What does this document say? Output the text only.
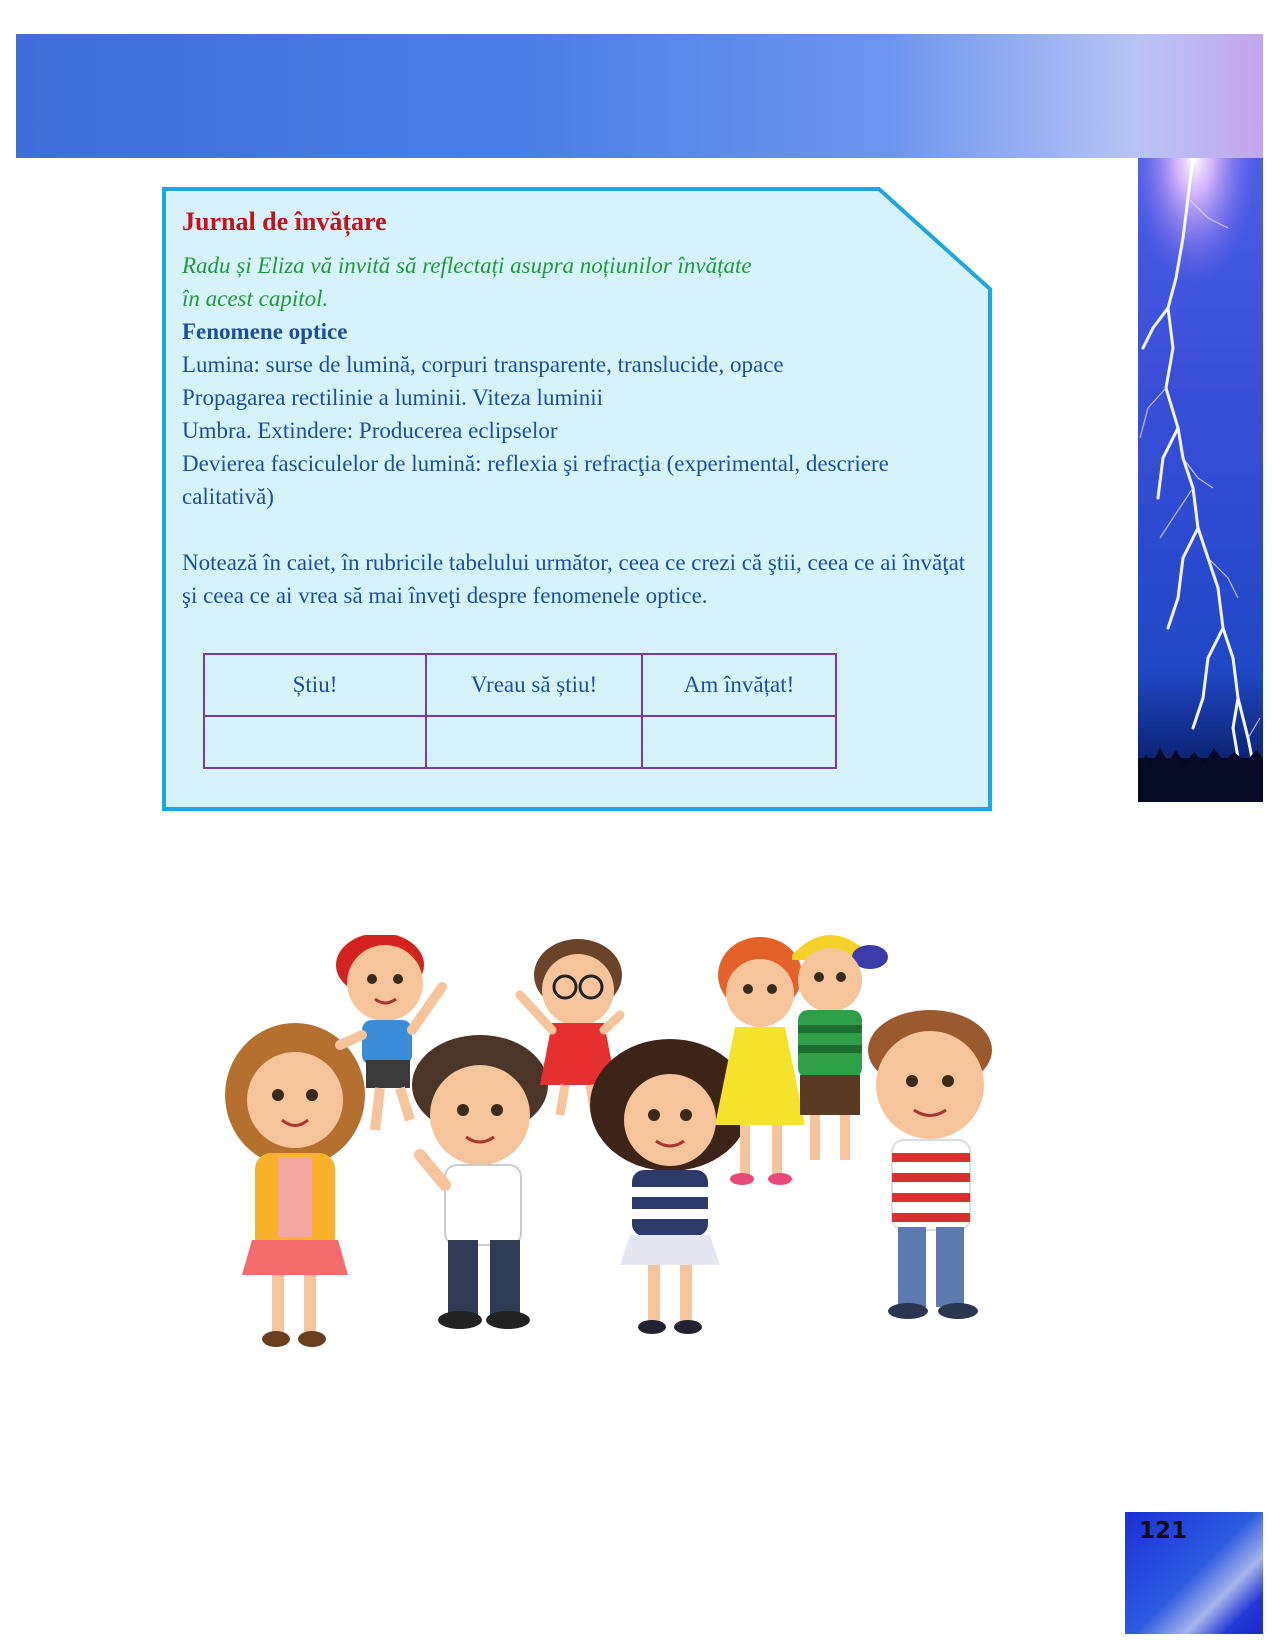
Jurnal de învățare

Radu și Eliza vă invită să reflectați asupra noțiunilor învățate
în acest capitol.

Fenomene optice

Lumina: surse de lumină, corpuri transparente, translucide, opace

Propagarea rectilinie a luminii. Viteza luminii

Umbra. Extindere: Producerea eclipselor

Devierea fasciculelor de lumină: reflexia şi refracţia (experimental, descriere calitativă)

Notează în caiet, în rubricile tabelului următor, ceea ce crezi că ştii, ceea ce ai învăţat şi ceea ce ai vrea să mai înveţi despre fenomenele optice.

Știu!	Vreau să știu!	Am învățat!

121
